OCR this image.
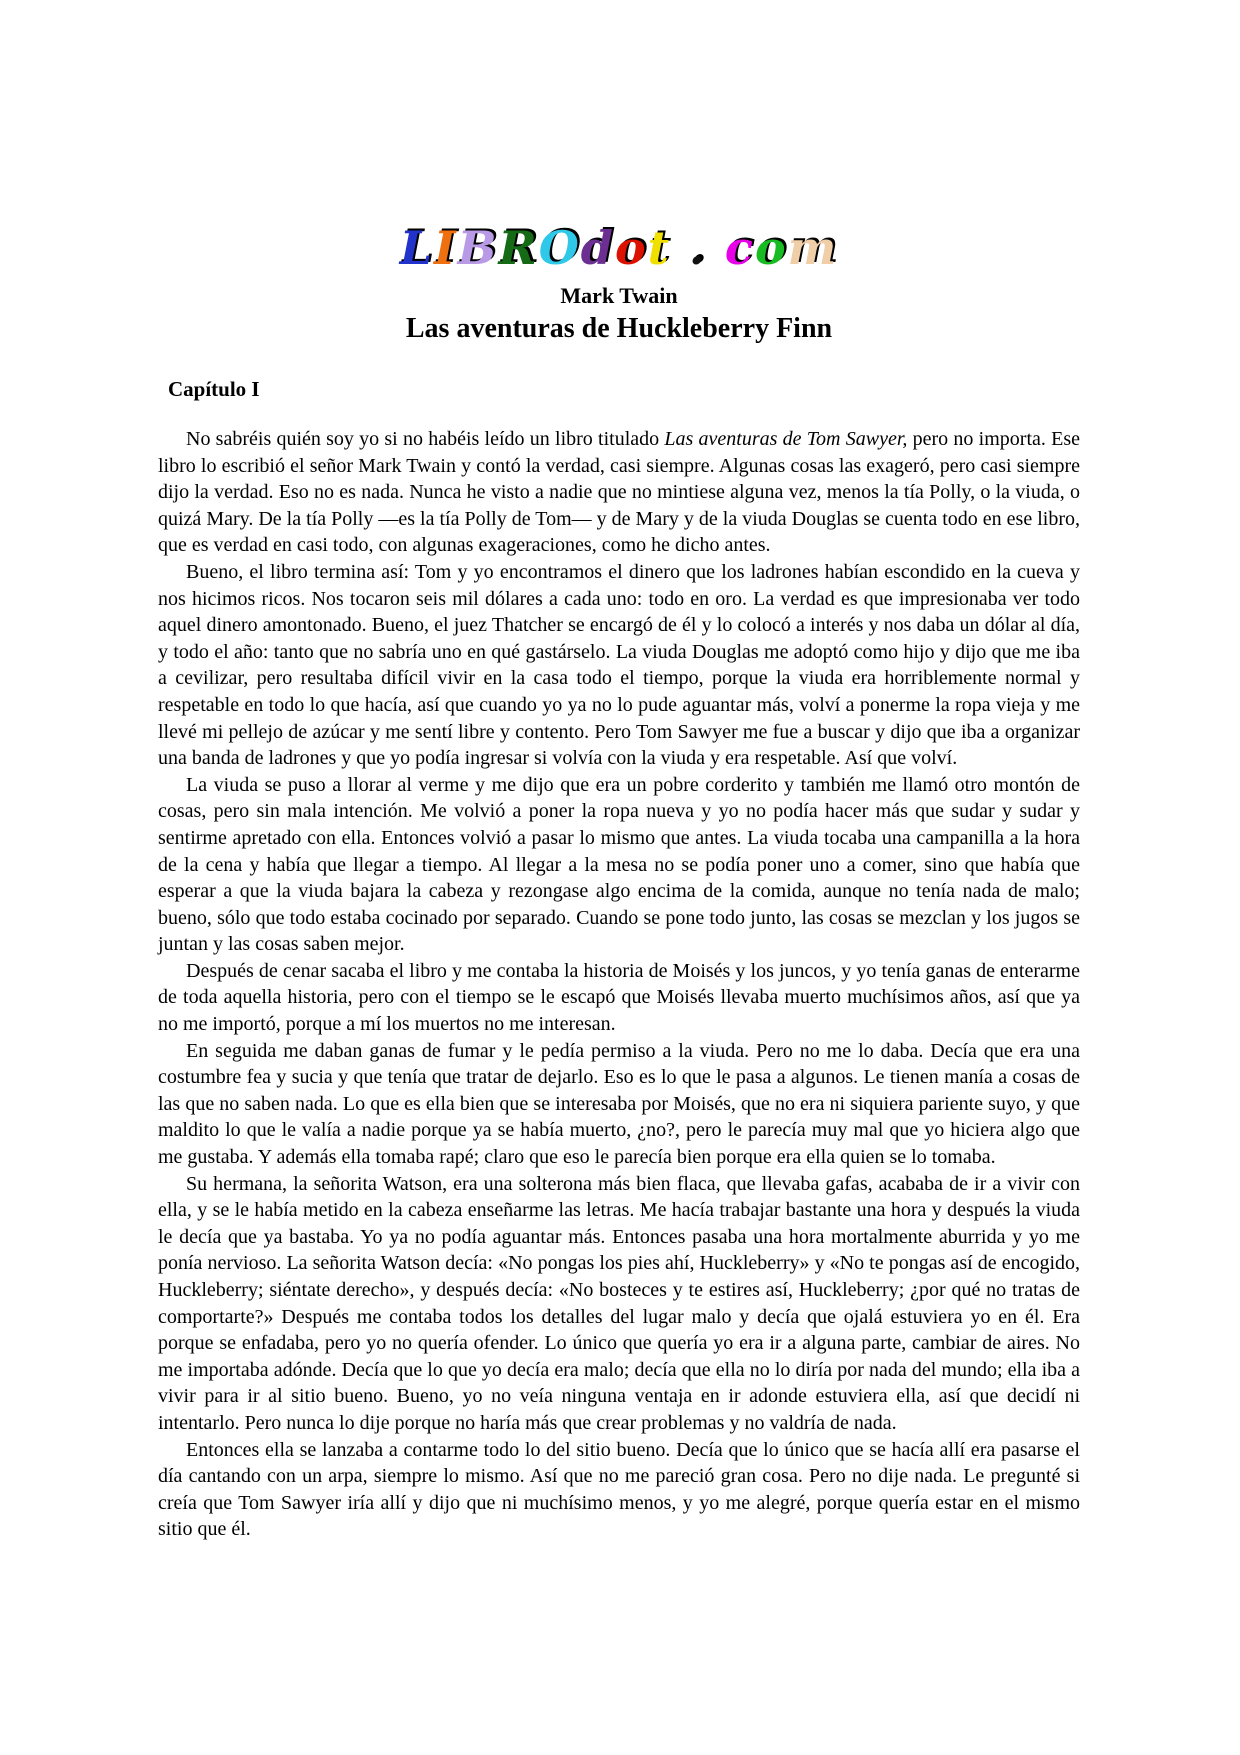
LIBROdot . com
Mark Twain
Las aventuras de Huckleberry Finn
Capítulo I

No sabréis quién soy yo si no habéis leído un libro titulado Las aventuras de Tom Sawyer, pero no importa. Ese libro lo escribió el señor Mark Twain y contó la verdad, casi siempre. Algunas cosas las exageró, pero casi siempre dijo la verdad. Eso no es nada. Nunca he visto a nadie que no mintiese alguna vez, menos la tía Polly, o la viuda, o quizá Mary. De la tía Polly —es la tía Polly de Tom— y de Mary y de la viuda Douglas se cuenta todo en ese libro, que es verdad en casi todo, con algunas exageraciones, como he dicho antes.

Bueno, el libro termina así: Tom y yo encontramos el dinero que los ladrones habían escondido en la cueva y nos hicimos ricos. Nos tocaron seis mil dólares a cada uno: todo en oro. La verdad es que impresionaba ver todo aquel dinero amontonado. Bueno, el juez Thatcher se encargó de él y lo colocó a interés y nos daba un dólar al día, y todo el año: tanto que no sabría uno en qué gastárselo. La viuda Douglas me adoptó como hijo y dijo que me iba a cevilizar, pero resultaba difícil vivir en la casa todo el tiempo, porque la viuda era horriblemente normal y respetable en todo lo que hacía, así que cuando yo ya no lo pude aguantar más, volví a ponerme la ropa vieja y me llevé mi pellejo de azúcar y me sentí libre y contento. Pero Tom Sawyer me fue a buscar y dijo que iba a organizar una banda de ladrones y que yo podía ingresar si volvía con la viuda y era respetable. Así que volví.

La viuda se puso a llorar al verme y me dijo que era un pobre corderito y también me llamó otro montón de cosas, pero sin mala intención. Me volvió a poner la ropa nueva y yo no podía hacer más que sudar y sudar y sentirme apretado con ella. Entonces volvió a pasar lo mismo que antes. La viuda tocaba una campanilla a la hora de la cena y había que llegar a tiempo. Al llegar a la mesa no se podía poner uno a comer, sino que había que esperar a que la viuda bajara la cabeza y rezongase algo encima de la comida, aunque no tenía nada de malo; bueno, sólo que todo estaba cocinado por separado. Cuando se pone todo junto, las cosas se mezclan y los jugos se juntan y las cosas saben mejor.

Después de cenar sacaba el libro y me contaba la historia de Moisés y los juncos, y yo tenía ganas de enterarme de toda aquella historia, pero con el tiempo se le escapó que Moisés llevaba muerto muchísimos años, así que ya no me importó, porque a mí los muertos no me interesan.

En seguida me daban ganas de fumar y le pedía permiso a la viuda. Pero no me lo daba. Decía que era una costumbre fea y sucia y que tenía que tratar de dejarlo. Eso es lo que le pasa a algunos. Le tienen manía a cosas de las que no saben nada. Lo que es ella bien que se interesaba por Moisés, que no era ni siquiera pariente suyo, y que maldito lo que le valía a nadie porque ya se había muerto, ¿no?, pero le parecía muy mal que yo hiciera algo que me gustaba. Y además ella tomaba rapé; claro que eso le parecía bien porque era ella quien se lo tomaba.

Su hermana, la señorita Watson, era una solterona más bien flaca, que llevaba gafas, acababa de ir a vivir con ella, y se le había metido en la cabeza enseñarme las letras. Me hacía trabajar bastante una hora y después la viuda le decía que ya bastaba. Yo ya no podía aguantar más. Entonces pasaba una hora mortalmente aburrida y yo me ponía nervioso. La señorita Watson decía: «No pongas los pies ahí, Huckleberry» y «No te pongas así de encogido, Huckleberry; siéntate derecho», y después decía: «No bosteces y te estires así, Huckleberry; ¿por qué no tratas de comportarte?» Después me contaba todos los detalles del lugar malo y decía que ojalá estuviera yo en él. Era porque se enfadaba, pero yo no quería ofender. Lo único que quería yo era ir a alguna parte, cambiar de aires. No me importaba adónde. Decía que lo que yo decía era malo; decía que ella no lo diría por nada del mundo; ella iba a vivir para ir al sitio bueno. Bueno, yo no veía ninguna ventaja en ir adonde estuviera ella, así que decidí ni intentarlo. Pero nunca lo dije porque no haría más que crear problemas y no valdría de nada.

Entonces ella se lanzaba a contarme todo lo del sitio bueno. Decía que lo único que se hacía allí era pasarse el día cantando con un arpa, siempre lo mismo. Así que no me pareció gran cosa. Pero no dije nada. Le pregunté si creía que Tom Sawyer iría allí y dijo que ni muchísimo menos, y yo me alegré, porque quería estar en el mismo sitio que él.
